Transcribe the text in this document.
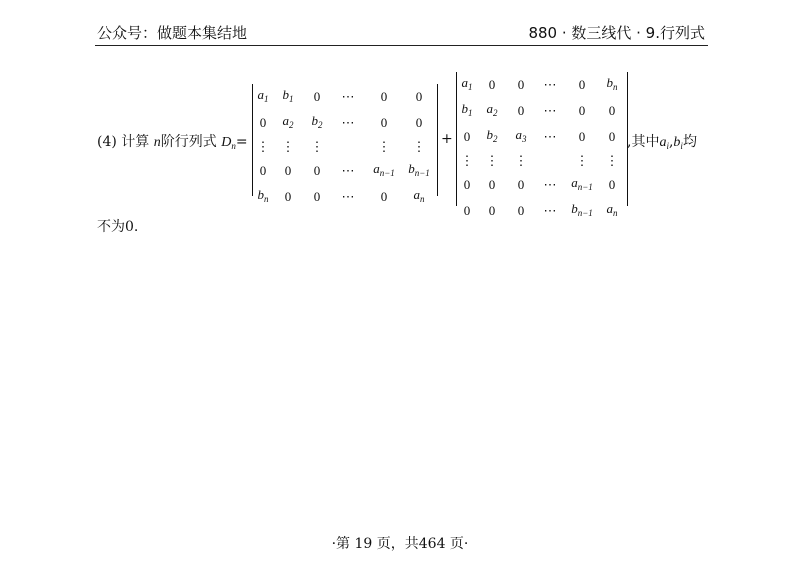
公众号：做题本集结地	880 · 数三线代 · 9.行列式
(4) 计算 n阶行列式 $D_n=$
$a_1$	$b_1$	0	⋯	0	0
0	$a_2$	$b_2$	⋯	0	0
⋮	⋮	⋮		⋮	⋮
0	0	0	⋯	$a_{n-1}$	$b_{n-1}$
$b_n$	0	0	⋯	0	$a_n$
+
$a_1$	0	0	⋯	0	$b_n$
$b_1$	$a_2$	0	⋯	0	0
0	$b_2$	$a_3$	⋯	0	0
⋮	⋮	⋮		⋮	⋮
0	0	0	⋯	$a_{n-1}$	0
0	0	0	⋯	$b_{n-1}$	$a_n$
,其中$a_i,b_i$均
不为0.
·第 19 页，共464 页·
